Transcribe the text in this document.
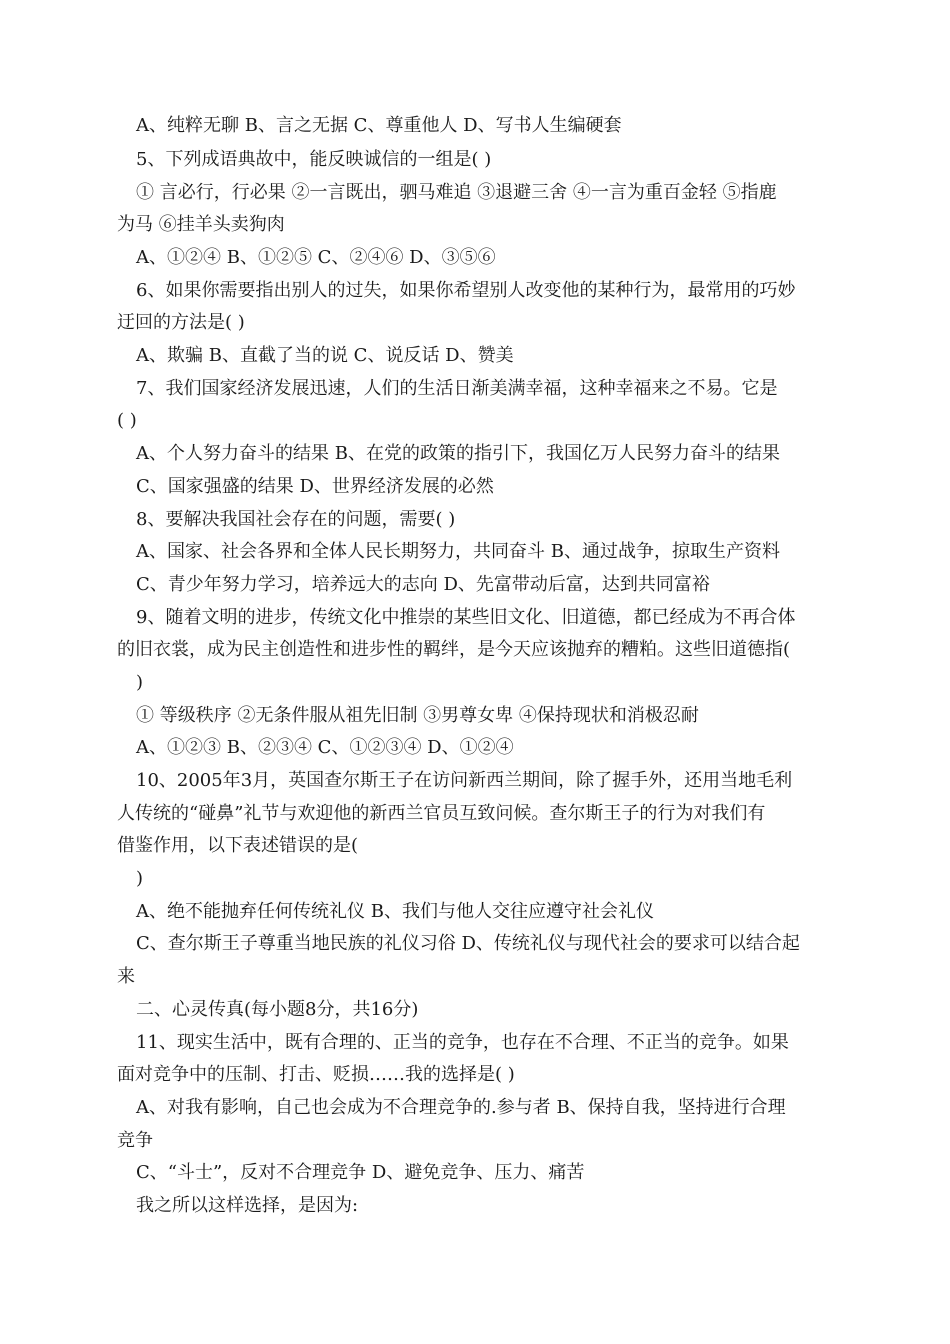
A、纯粹无聊 B、言之无据 C、尊重他人 D、写书人生编硬套
5、下列成语典故中，能反映诚信的一组是( )
① 言必行，行必果 ②一言既出，驷马难追 ③退避三舍 ④一言为重百金轻 ⑤指鹿
为马 ⑥挂羊头卖狗肉
A、①②④ B、①②⑤ C、②④⑥ D、③⑤⑥
6、如果你需要指出别人的过失，如果你希望别人改变他的某种行为，最常用的巧妙
迂回的方法是( )
A、欺骗 B、直截了当的说 C、说反话 D、赞美
7、我们国家经济发展迅速，人们的生活日渐美满幸福，这种幸福来之不易。它是
( )
A、个人努力奋斗的结果 B、在党的政策的指引下，我国亿万人民努力奋斗的结果
C、国家强盛的结果 D、世界经济发展的必然
8、要解决我国社会存在的问题，需要( )
A、国家、社会各界和全体人民长期努力，共同奋斗 B、通过战争，掠取生产资料
C、青少年努力学习，培养远大的志向 D、先富带动后富，达到共同富裕
9、随着文明的进步，传统文化中推崇的某些旧文化、旧道德，都已经成为不再合体
的旧衣裳，成为民主创造性和进步性的羁绊，是今天应该抛弃的糟粕。这些旧道德指(
)
① 等级秩序 ②无条件服从祖先旧制 ③男尊女卑 ④保持现状和消极忍耐
A、①②③ B、②③④ C、①②③④ D、①②④
10、2005年3月，英国查尔斯王子在访问新西兰期间，除了握手外，还用当地毛利
人传统的“碰鼻”礼节与欢迎他的新西兰官员互致问候。查尔斯王子的行为对我们有
借鉴作用，以下表述错误的是(
)
A、绝不能抛弃任何传统礼仪 B、我们与他人交往应遵守社会礼仪
C、查尔斯王子尊重当地民族的礼仪习俗 D、传统礼仪与现代社会的要求可以结合起
来
二、心灵传真(每小题8分，共16分)
11、现实生活中，既有合理的、正当的竞争，也存在不合理、不正当的竞争。如果
面对竞争中的压制、打击、贬损……我的选择是( )
A、对我有影响，自己也会成为不合理竞争的.参与者 B、保持自我，坚持进行合理
竞争
C、“斗士”，反对不合理竞争 D、避免竞争、压力、痛苦
我之所以这样选择，是因为:
